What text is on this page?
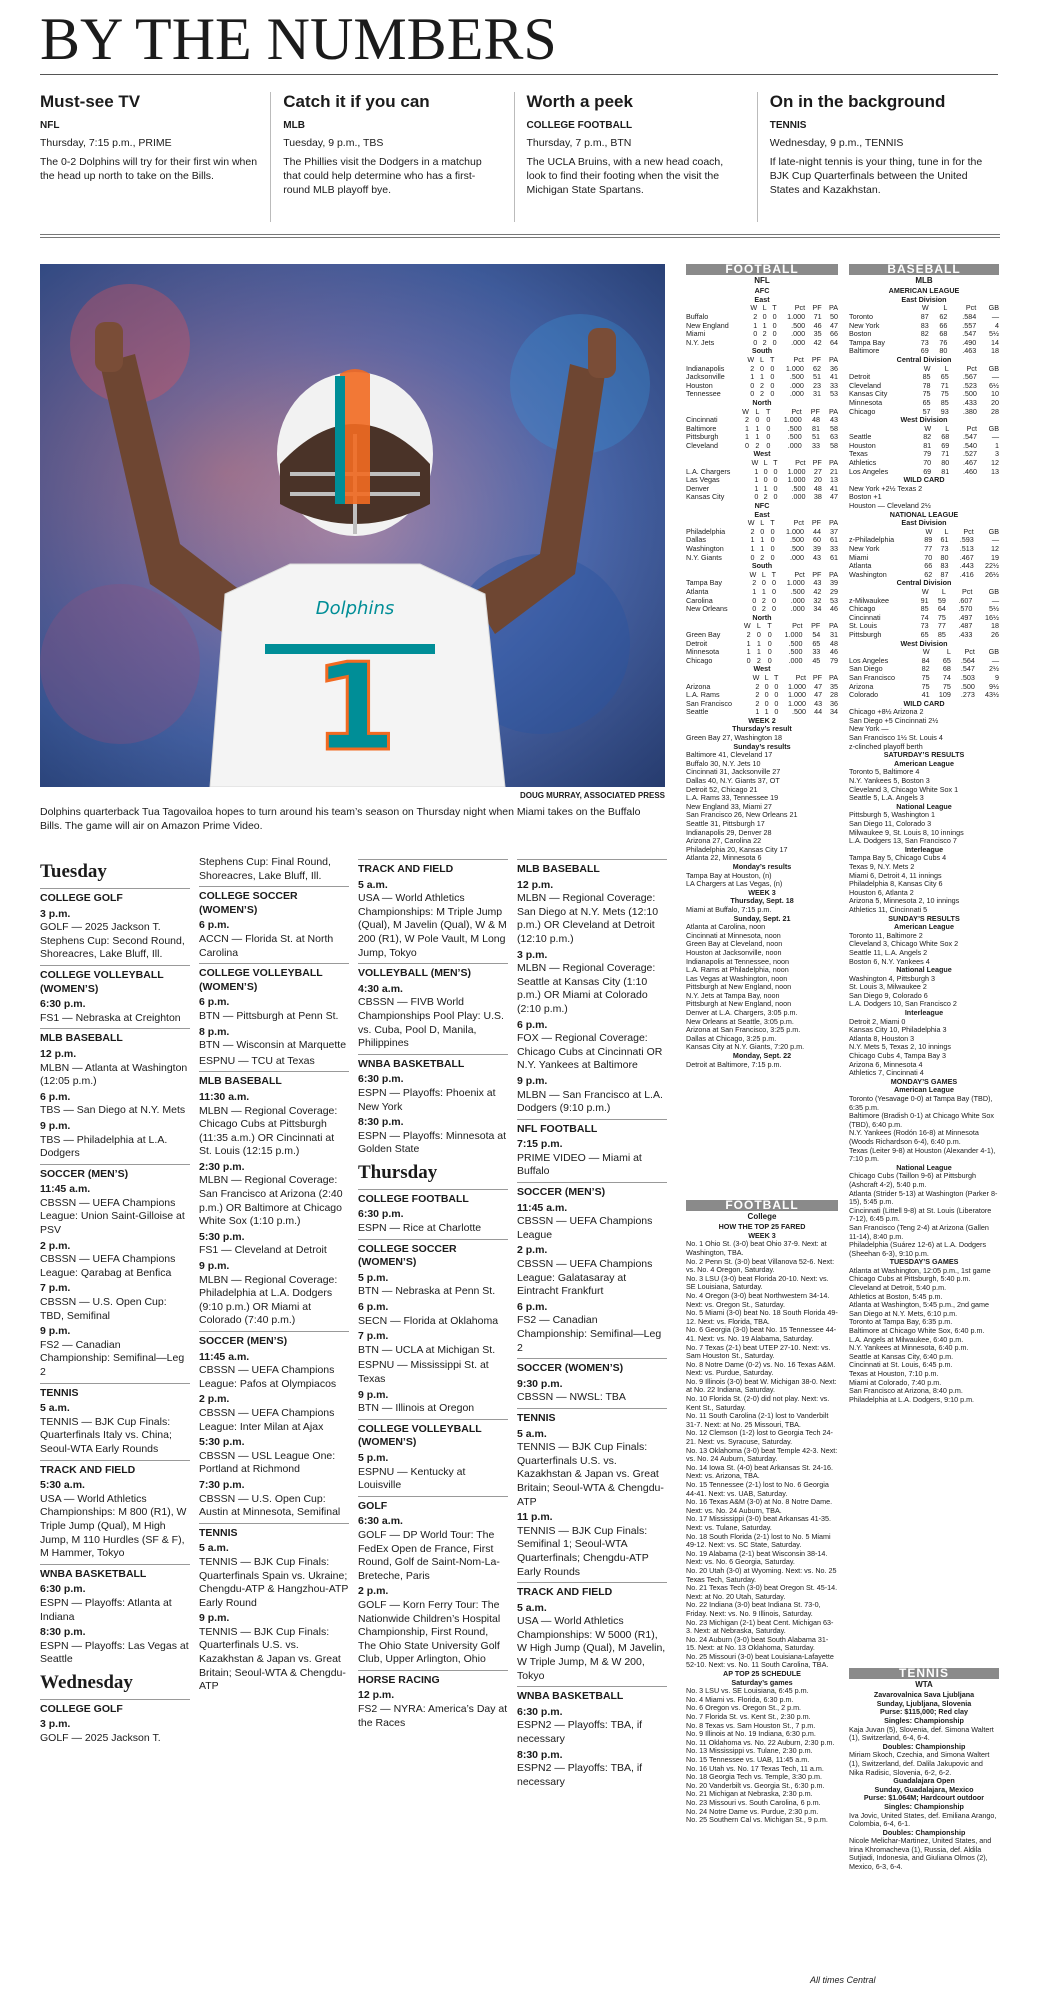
BY THE NUMBERS
Must-see TV
NFL
Thursday, 7:15 p.m., PRIME

The 0-2 Dolphins will try for their first win when the head up north to take on the Bills.

Catch it if you can
MLB
Tuesday, 9 p.m., TBS

The Phillies visit the Dodgers in a matchup that could help determine who has a first-round MLB playoff bye.

Worth a peek
COLLEGE FOOTBALL
Thursday, 7 p.m., BTN

The UCLA Bruins, with a new head coach, look to find their footing when the visit the Michigan State Spartans.

On in the background
TENNIS
Wednesday, 9 p.m., TENNIS

If late-night tennis is your thing, tune in for the BJK Cup Quarterfinals between the United States and Kazakhstan.

Dolphins
1
DOUG MURRAY, ASSOCIATED PRESS
Dolphins quarterback Tua Tagovailoa hopes to turn around his team’s season on Thursday night when Miami takes on the Buffalo Bills. The game will air on Amazon Prime Video.
Tuesday
COLLEGE GOLF
3 p.m.
GOLF — 2025 Jackson T. Stephens Cup: Second Round, Shoreacres, Lake Bluff, Ill.
COLLEGE VOLLEYBALL (WOMEN’S)
6:30 p.m.
FS1 — Nebraska at Creighton
MLB BASEBALL
12 p.m.
MLBN — Atlanta at Washington (12:05 p.m.)
6 p.m.
TBS — San Diego at N.Y. Mets
9 p.m.
TBS — Philadelphia at L.A. Dodgers
SOCCER (MEN’S)
11:45 a.m.
CBSSN — UEFA Champions League: Union Saint-Gilloise at PSV
2 p.m.
CBSSN — UEFA Champions League: Qarabag at Benfica
7 p.m.
CBSSN — U.S. Open Cup: TBD, Semifinal
9 p.m.
FS2 — Canadian Championship: Semifinal—Leg 2
TENNIS
5 a.m.
TENNIS — BJK Cup Finals: Quarterfinals Italy vs. China; Seoul-WTA Early Rounds
TRACK AND FIELD
5:30 a.m.
USA — World Athletics Championships: M 800 (R1), W Triple Jump (Qual), M High Jump, M 110 Hurdles (SF & F), M Hammer, Tokyo
WNBA BASKETBALL
6:30 p.m.
ESPN — Playoffs: Atlanta at Indiana
8:30 p.m.
ESPN — Playoffs: Las Vegas at Seattle
Wednesday
COLLEGE GOLF
3 p.m.
GOLF — 2025 Jackson T.
Stephens Cup: Final Round, Shoreacres, Lake Bluff, Ill.
COLLEGE SOCCER (WOMEN’S)
6 p.m.
ACCN — Florida St. at North Carolina
COLLEGE VOLLEYBALL (WOMEN’S)
6 p.m.
BTN — Pittsburgh at Penn St.
8 p.m.
BTN — Wisconsin at Marquette
ESPNU — TCU at Texas
MLB BASEBALL
11:30 a.m.
MLBN — Regional Coverage: Chicago Cubs at Pittsburgh (11:35 a.m.) OR Cincinnati at St. Louis (12:15 p.m.)
2:30 p.m.
MLBN — Regional Coverage: San Francisco at Arizona (2:40 p.m.) OR Baltimore at Chicago White Sox (1:10 p.m.)
5:30 p.m.
FS1 — Cleveland at Detroit
9 p.m.
MLBN — Regional Coverage: Philadelphia at L.A. Dodgers (9:10 p.m.) OR Miami at Colorado (7:40 p.m.)
SOCCER (MEN’S)
11:45 a.m.
CBSSN — UEFA Champions League: Pafos at Olympiacos
2 p.m.
CBSSN — UEFA Champions League: Inter Milan at Ajax
5:30 p.m.
CBSSN — USL League One: Portland at Richmond
7:30 p.m.
CBSSN — U.S. Open Cup: Austin at Minnesota, Semifinal
TENNIS
5 a.m.
TENNIS — BJK Cup Finals: Quarterfinals Spain vs. Ukraine; Chengdu-ATP & Hangzhou-ATP Early Round
9 p.m.
TENNIS — BJK Cup Finals: Quarterfinals U.S. vs. Kazakhstan & Japan vs. Great Britain; Seoul-WTA & Chengdu-ATP
TRACK AND FIELD
5 a.m.
USA — World Athletics Championships: M Triple Jump (Qual), M Javelin (Qual), W & M 200 (R1), W Pole Vault, M Long Jump, Tokyo
VOLLEYBALL (MEN’S)
4:30 a.m.
CBSSN — FIVB World Championships Pool Play: U.S. vs. Cuba, Pool D, Manila, Philippines
WNBA BASKETBALL
6:30 p.m.
ESPN — Playoffs: Phoenix at New York
8:30 p.m.
ESPN — Playoffs: Minnesota at Golden State
Thursday
COLLEGE FOOTBALL
6:30 p.m.
ESPN — Rice at Charlotte
COLLEGE SOCCER (WOMEN’S)
5 p.m.
BTN — Nebraska at Penn St.
6 p.m.
SECN — Florida at Oklahoma
7 p.m.
BTN — UCLA at Michigan St.
ESPNU — Mississippi St. at Texas
9 p.m.
BTN — Illinois at Oregon
COLLEGE VOLLEYBALL (WOMEN’S)
5 p.m.
ESPNU — Kentucky at Louisville
GOLF
6:30 a.m.
GOLF — DP World Tour: The FedEx Open de France, First Round, Golf de Saint-Nom-La-Breteche, Paris
2 p.m.
GOLF — Korn Ferry Tour: The Nationwide Children’s Hospital Championship, First Round, The Ohio State University Golf Club, Upper Arlington, Ohio
HORSE RACING
12 p.m.
FS2 — NYRA: America’s Day at the Races
MLB BASEBALL
12 p.m.
MLBN — Regional Coverage: San Diego at N.Y. Mets (12:10 p.m.) OR Cleveland at Detroit (12:10 p.m.)
3 p.m.
MLBN — Regional Coverage: Seattle at Kansas City (1:10 p.m.) OR Miami at Colorado (2:10 p.m.)
6 p.m.
FOX — Regional Coverage: Chicago Cubs at Cincinnati OR N.Y. Yankees at Baltimore
9 p.m.
MLBN — San Francisco at L.A. Dodgers (9:10 p.m.)
NFL FOOTBALL
7:15 p.m.
PRIME VIDEO — Miami at Buffalo
SOCCER (MEN’S)
11:45 a.m.
CBSSN — UEFA Champions League
2 p.m.
CBSSN — UEFA Champions League: Galatasaray at Eintracht Frankfurt
6 p.m.
FS2 — Canadian Championship: Semifinal—Leg 2
SOCCER (WOMEN’S)
9:30 p.m.
CBSSN — NWSL: TBA
TENNIS
5 a.m.
TENNIS — BJK Cup Finals: Quarterfinals U.S. vs. Kazakhstan & Japan vs. Great Britain; Seoul-WTA & Chengdu-ATP
11 p.m.
TENNIS — BJK Cup Finals: Semifinal 1; Seoul-WTA Quarterfinals; Chengdu-ATP Early Rounds
TRACK AND FIELD
5 a.m.
USA — World Athletics Championships: W 5000 (R1), W High Jump (Qual), M Javelin, W Triple Jump, M & W 200, Tokyo
WNBA BASKETBALL
6:30 p.m.
ESPN2 — Playoffs: TBA, if necessary
8:30 p.m.
ESPN2 — Playoffs: TBA, if necessary
FOOTBALL
NFL
AFC
East
	W	L	T	Pct	PF	PA
Buffalo	2	0	0	1.000	71	50
New England	1	1	0	.500	46	47
Miami	0	2	0	.000	35	66
N.Y. Jets	0	2	0	.000	42	64
South
	W	L	T	Pct	PF	PA
Indianapolis	2	0	0	1.000	62	36
Jacksonville	1	1	0	.500	51	41
Houston	0	2	0	.000	23	33
Tennessee	0	2	0	.000	31	53
North
	W	L	T	Pct	PF	PA
Cincinnati	2	0	0	1.000	48	43
Baltimore	1	1	0	.500	81	58
Pittsburgh	1	1	0	.500	51	63
Cleveland	0	2	0	.000	33	58
West
	W	L	T	Pct	PF	PA
L.A. Chargers	1	0	0	1.000	27	21
Las Vegas	1	0	0	1.000	20	13
Denver	1	1	0	.500	48	41
Kansas City	0	2	0	.000	38	47
NFC
East
	W	L	T	Pct	PF	PA
Philadelphia	2	0	0	1.000	44	37
Dallas	1	1	0	.500	60	61
Washington	1	1	0	.500	39	33
N.Y. Giants	0	2	0	.000	43	61
South
	W	L	T	Pct	PF	PA
Tampa Bay	2	0	0	1.000	43	39
Atlanta	1	1	0	.500	42	29
Carolina	0	2	0	.000	32	53
New Orleans	0	2	0	.000	34	46
North
	W	L	T	Pct	PF	PA
Green Bay	2	0	0	1.000	54	31
Detroit	1	1	0	.500	65	48
Minnesota	1	1	0	.500	33	46
Chicago	0	2	0	.000	45	79
West
	W	L	T	Pct	PF	PA
Arizona	2	0	0	1.000	47	35
L.A. Rams	2	0	0	1.000	47	28
San Francisco	2	0	0	1.000	43	36
Seattle	1	1	0	.500	44	34
WEEK 2
Thursday’s result
Green Bay 27, Washington 18
Sunday’s results
Baltimore 41, Cleveland 17
Buffalo 30, N.Y. Jets 10
Cincinnati 31, Jacksonville 27
Dallas 40, N.Y. Giants 37, OT
Detroit 52, Chicago 21
L.A. Rams 33, Tennessee 19
New England 33, Miami 27
San Francisco 26, New Orleans 21
Seattle 31, Pittsburgh 17
Indianapolis 29, Denver 28
Arizona 27, Carolina 22
Philadelphia 20, Kansas City 17
Atlanta 22, Minnesota 6
Monday’s results
Tampa Bay at Houston, (n)
LA Chargers at Las Vegas, (n)
WEEK 3
Thursday, Sept. 18
Miami at Buffalo, 7:15 p.m.
Sunday, Sept. 21
Atlanta at Carolina, noon
Cincinnati at Minnesota, noon
Green Bay at Cleveland, noon
Houston at Jacksonville, noon
Indianapolis at Tennessee, noon
L.A. Rams at Philadelphia, noon
Las Vegas at Washington, noon
Pittsburgh at New England, noon
N.Y. Jets at Tampa Bay, noon
Pittsburgh at New England, noon
Denver at L.A. Chargers, 3:05 p.m.
New Orleans at Seattle, 3:05 p.m.
Arizona at San Francisco, 3:25 p.m.
Dallas at Chicago, 3:25 p.m.
Kansas City at N.Y. Giants, 7:20 p.m.
Monday, Sept. 22
Detroit at Baltimore, 7:15 p.m.
FOOTBALL
College
HOW THE TOP 25 FARED
WEEK 3
No. 1 Ohio St. (3-0) beat Ohio 37-9. Next: at Washington, TBA.
No. 2 Penn St. (3-0) beat Villanova 52-6. Next: vs. No. 4 Oregon, Saturday.
No. 3 LSU (3-0) beat Florida 20-10. Next: vs. SE Louisiana, Saturday.
No. 4 Oregon (3-0) beat Northwestern 34-14. Next: vs. Oregon St., Saturday.
No. 5 Miami (3-0) beat No. 18 South Florida 49-12. Next: vs. Florida, TBA.
No. 6 Georgia (3-0) beat No. 15 Tennessee 44-41. Next: vs. No. 19 Alabama, Saturday.
No. 7 Texas (2-1) beat UTEP 27-10. Next: vs. Sam Houston St., Saturday.
No. 8 Notre Dame (0-2) vs. No. 16 Texas A&M. Next: vs. Purdue, Saturday.
No. 9 Illinois (3-0) beat W. Michigan 38-0. Next: at No. 22 Indiana, Saturday.
No. 10 Florida St. (2-0) did not play. Next: vs. Kent St., Saturday.
No. 11 South Carolina (2-1) lost to Vanderbilt 31-7. Next: at No. 25 Missouri, TBA.
No. 12 Clemson (1-2) lost to Georgia Tech 24-21. Next: vs. Syracuse, Saturday.
No. 13 Oklahoma (3-0) beat Temple 42-3. Next: vs. No. 24 Auburn, Saturday.
No. 14 Iowa St. (4-0) beat Arkansas St. 24-16. Next: vs. Arizona, TBA.
No. 15 Tennessee (2-1) lost to No. 6 Georgia 44-41. Next: vs. UAB, Saturday.
No. 16 Texas A&M (3-0) at No. 8 Notre Dame. Next: vs. No. 24 Auburn, TBA.
No. 17 Mississippi (3-0) beat Arkansas 41-35. Next: vs. Tulane, Saturday.
No. 18 South Florida (2-1) lost to No. 5 Miami 49-12. Next: vs. SC State, Saturday.
No. 19 Alabama (2-1) beat Wisconsin 38-14. Next: vs. No. 6 Georgia, Saturday.
No. 20 Utah (3-0) at Wyoming. Next: vs. No. 25 Texas Tech, Saturday.
No. 21 Texas Tech (3-0) beat Oregon St. 45-14. Next: at No. 20 Utah, Saturday.
No. 22 Indiana (3-0) beat Indiana St. 73-0, Friday. Next: vs. No. 9 Illinois, Saturday.
No. 23 Michigan (2-1) beat Cent. Michigan 63-3. Next: at Nebraska, Saturday.
No. 24 Auburn (3-0) beat South Alabama 31-15. Next: at No. 13 Oklahoma, Saturday.
No. 25 Missouri (3-0) beat Louisiana-Lafayette 52-10. Next: vs. No. 11 South Carolina, TBA.
AP TOP 25 SCHEDULE
Saturday’s games
No. 3 LSU vs. SE Louisiana, 6:45 p.m.
No. 4 Miami vs. Florida, 6:30 p.m.
No. 6 Oregon vs. Oregon St., 2 p.m.
No. 7 Florida St. vs. Kent St., 2:30 p.m.
No. 8 Texas vs. Sam Houston St., 7 p.m.
No. 9 Illinois at No. 19 Indiana, 6:30 p.m.
No. 11 Oklahoma vs. No. 22 Auburn, 2:30 p.m.
No. 13 Mississippi vs. Tulane, 2:30 p.m.
No. 15 Tennessee vs. UAB, 11:45 a.m.
No. 16 Utah vs. No. 17 Texas Tech, 11 a.m.
No. 18 Georgia Tech vs. Temple, 3:30 p.m.
No. 20 Vanderbilt vs. Georgia St., 6:30 p.m.
No. 21 Michigan at Nebraska, 2:30 p.m.
No. 23 Missouri vs. South Carolina, 6 p.m.
No. 24 Notre Dame vs. Purdue, 2:30 p.m.
No. 25 Southern Cal vs. Michigan St., 9 p.m.
BASEBALL
MLB
AMERICAN LEAGUE
East Division
	W	L	Pct	GB
Toronto	87	62	.584	—
New York	83	66	.557	4
Boston	82	68	.547	5½
Tampa Bay	73	76	.490	14
Baltimore	69	80	.463	18
Central Division
	W	L	Pct	GB
Detroit	85	65	.567	—
Cleveland	78	71	.523	6½
Kansas City	75	75	.500	10
Minnesota	65	85	.433	20
Chicago	57	93	.380	28
West Division
	W	L	Pct	GB
Seattle	82	68	.547	—
Houston	81	69	.540	1
Texas	79	71	.527	3
Athletics	70	80	.467	12
Los Angeles	69	81	.460	13
WILD CARD
New York +2½ Texas 2
Boston +1
Houston — Cleveland 2½
NATIONAL LEAGUE
East Division
	W	L	Pct	GB
z-Philadelphia	89	61	.593	—
New York	77	73	.513	12
Miami	70	80	.467	19
Atlanta	66	83	.443	22½
Washington	62	87	.416	26½
Central Division
	W	L	Pct	GB
z-Milwaukee	91	59	.607	—
Chicago	85	64	.570	5½
Cincinnati	74	75	.497	16½
St. Louis	73	77	.487	18
Pittsburgh	65	85	.433	26
West Division
	W	L	Pct	GB
Los Angeles	84	65	.564	—
San Diego	82	68	.547	2½
San Francisco	75	74	.503	9
Arizona	75	75	.500	9½
Colorado	41	109	.273	43½
WILD CARD
Chicago +8½ Arizona 2
San Diego +5 Cincinnati 2½
New York —
San Francisco 1½ St. Louis 4
z-clinched playoff berth
SATURDAY’S RESULTS
American League
Toronto 5, Baltimore 4
N.Y. Yankees 5, Boston 3
Cleveland 3, Chicago White Sox 1
Seattle 5, L.A. Angels 3
National League
Pittsburgh 5, Washington 1
San Diego 11, Colorado 3
Milwaukee 9, St. Louis 8, 10 innings
L.A. Dodgers 13, San Francisco 7
Interleague
Tampa Bay 5, Chicago Cubs 4
Texas 9, N.Y. Mets 2
Miami 6, Detroit 4, 11 innings
Philadelphia 8, Kansas City 6
Houston 6, Atlanta 2
Arizona 5, Minnesota 2, 10 innings
Athletics 11, Cincinnati 5
SUNDAY’S RESULTS
American League
Toronto 11, Baltimore 2
Cleveland 3, Chicago White Sox 2
Seattle 11, L.A. Angels 2
Boston 6, N.Y. Yankees 4
National League
Washington 4, Pittsburgh 3
St. Louis 3, Milwaukee 2
San Diego 9, Colorado 6
L.A. Dodgers 10, San Francisco 2
Interleague
Detroit 2, Miami 0
Kansas City 10, Philadelphia 3
Atlanta 8, Houston 3
N.Y. Mets 5, Texas 2, 10 innings
Chicago Cubs 4, Tampa Bay 3
Arizona 6, Minnesota 4
Athletics 7, Cincinnati 4
MONDAY’S GAMES
American League
Toronto (Yesavage 0-0) at Tampa Bay (TBD), 6:35 p.m.
Baltimore (Bradish 0-1) at Chicago White Sox (TBD), 6:40 p.m.
N.Y. Yankees (Rodón 16-8) at Minnesota (Woods Richardson 6-4), 6:40 p.m.
Texas (Leiter 9-8) at Houston (Alexander 4-1), 7:10 p.m.
National League
Chicago Cubs (Taillon 9-6) at Pittsburgh (Ashcraft 4-2), 5:40 p.m.
Atlanta (Strider 5-13) at Washington (Parker 8-15), 5:45 p.m.
Cincinnati (Littell 9-8) at St. Louis (Liberatore 7-12), 6:45 p.m.
San Francisco (Teng 2-4) at Arizona (Gallen 11-14), 8:40 p.m.
Philadelphia (Suárez 12-6) at L.A. Dodgers (Sheehan 6-3), 9:10 p.m.
TUESDAY’S GAMES
Atlanta at Washington, 12:05 p.m., 1st game
Chicago Cubs at Pittsburgh, 5:40 p.m.
Cleveland at Detroit, 5:40 p.m.
Athletics at Boston, 5:45 p.m.
Atlanta at Washington, 5:45 p.m., 2nd game
San Diego at N.Y. Mets, 6:10 p.m.
Toronto at Tampa Bay, 6:35 p.m.
Baltimore at Chicago White Sox, 6:40 p.m.
L.A. Angels at Milwaukee, 6:40 p.m.
N.Y. Yankees at Minnesota, 6:40 p.m.
Seattle at Kansas City, 6:40 p.m.
Cincinnati at St. Louis, 6:45 p.m.
Texas at Houston, 7:10 p.m.
Miami at Colorado, 7:40 p.m.
San Francisco at Arizona, 8:40 p.m.
Philadelphia at L.A. Dodgers, 9:10 p.m.
TENNIS
WTA
Zavarovalnica Sava Ljubljana
Sunday, Ljubljana, Slovenia
Purse: $115,000; Red clay
Singles: Championship
Kaja Juvan (5), Slovenia, def. Simona Waltert (1), Switzerland, 6-4, 6-4.
Doubles: Championship
Miriam Skoch, Czechia, and Simona Waltert (1), Switzerland, def. Dalila Jakupovic and Nika Radisic, Slovenia, 6-2, 6-2.
Guadalajara Open
Sunday, Guadalajara, Mexico
Purse: $1.064M; Hardcourt outdoor
Singles: Championship
Iva Jovic, United States, def. Emiliana Arango, Colombia, 6-4, 6-1.
Doubles: Championship
Nicole Melichar-Martinez, United States, and Irina Khromacheva (1), Russia, def. Aldila Sutjiadi, Indonesia, and Giuliana Olmos (2), Mexico, 6-3, 6-4.
All times Central
